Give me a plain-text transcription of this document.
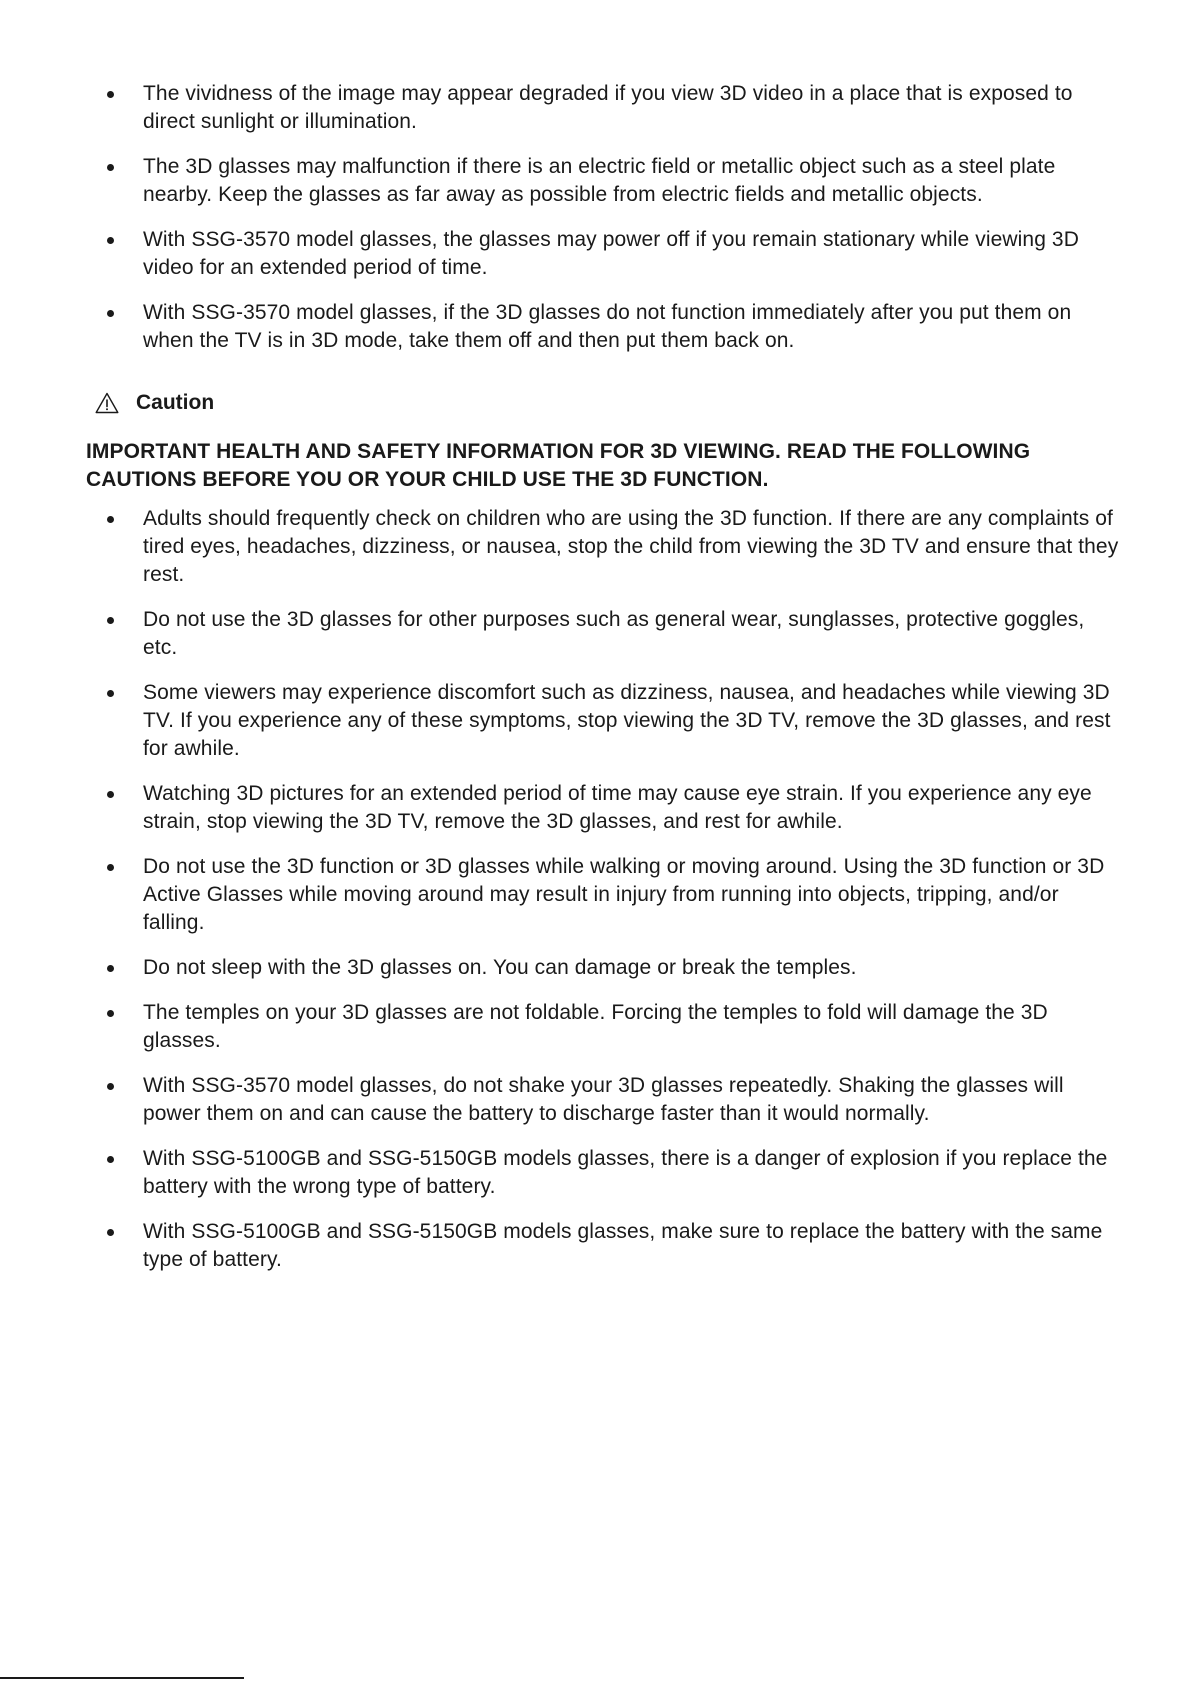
The vividness of the image may appear degraded if you view 3D video in a place that is exposed to direct sunlight or illumination.
The 3D glasses may malfunction if there is an electric field or metallic object such as a steel plate nearby. Keep the glasses as far away as possible from electric fields and metallic objects.
With SSG-3570 model glasses, the glasses may power off if you remain stationary while viewing 3D video for an extended period of time.
With SSG-3570 model glasses, if the 3D glasses do not function immediately after you put them on when the TV is in 3D mode, take them off and then put them back on.
Caution

IMPORTANT HEALTH AND SAFETY INFORMATION FOR 3D VIEWING. READ THE FOLLOWING CAUTIONS BEFORE YOU OR YOUR CHILD USE THE 3D FUNCTION.

Adults should frequently check on children who are using the 3D function. If there are any complaints of tired eyes, headaches, dizziness, or nausea, stop the child from viewing the 3D TV and ensure that they rest.
Do not use the 3D glasses for other purposes such as general wear, sunglasses, protective goggles, etc.
Some viewers may experience discomfort such as dizziness, nausea, and headaches while viewing 3D TV. If you experience any of these symptoms, stop viewing the 3D TV, remove the 3D glasses, and rest for awhile.
Watching 3D pictures for an extended period of time may cause eye strain. If you experience any eye strain, stop viewing the 3D TV, remove the 3D glasses, and rest for awhile.
Do not use the 3D function or 3D glasses while walking or moving around. Using the 3D function or 3D Active Glasses while moving around may result in injury from running into objects, tripping, and/or falling.
Do not sleep with the 3D glasses on. You can damage or break the temples.
The temples on your 3D glasses are not foldable. Forcing the temples to fold will damage the 3D glasses.
With SSG-3570 model glasses, do not shake your 3D glasses repeatedly. Shaking the glasses will power them on and can cause the battery to discharge faster than it would normally.
With SSG-5100GB and SSG-5150GB models glasses, there is a danger of explosion if you replace the battery with the wrong type of battery.
With SSG-5100GB and SSG-5150GB models glasses, make sure to replace the battery with the same type of battery.
